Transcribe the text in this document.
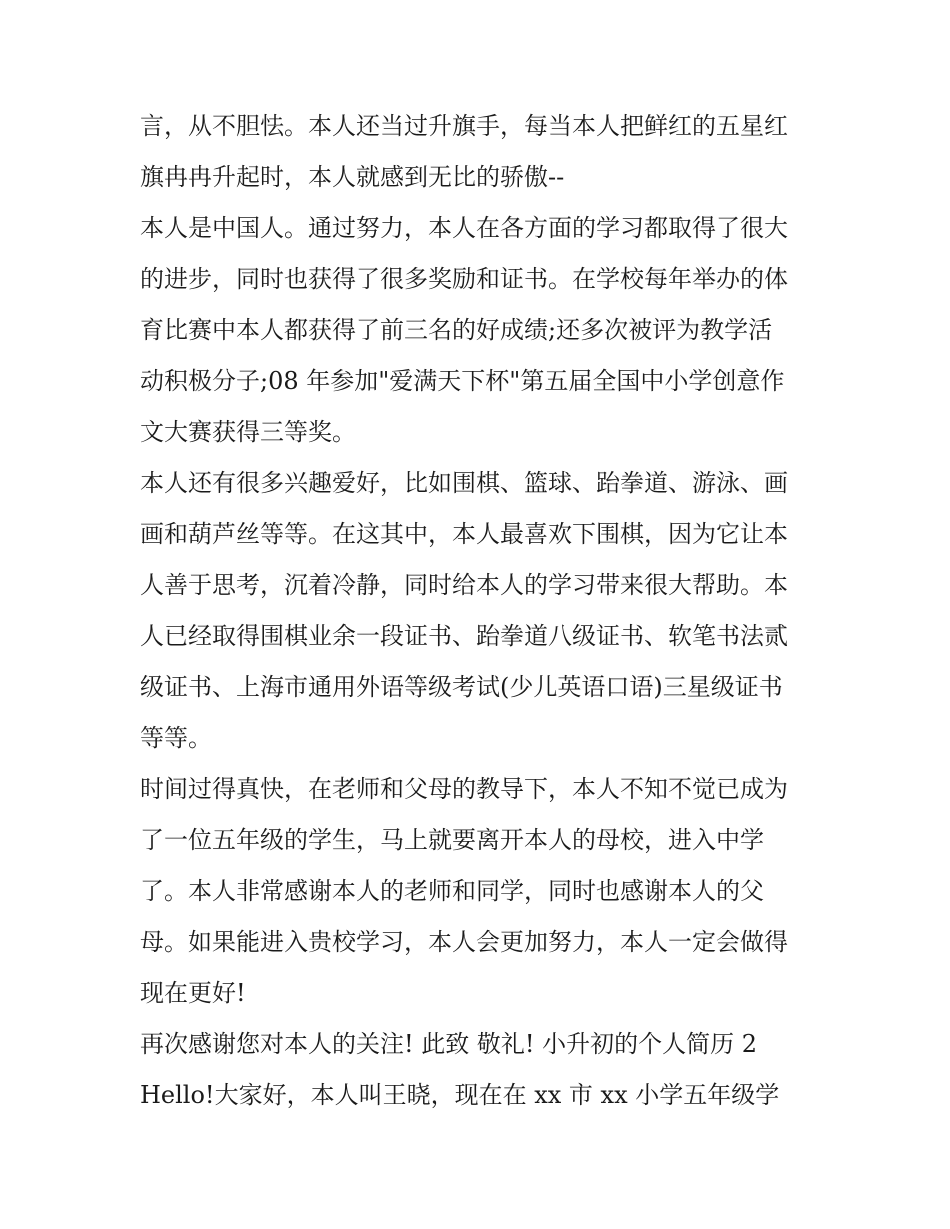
言，从不胆怯。本人还当过升旗手，每当本人把鲜红的五星红
旗冉冉升起时，本人就感到无比的骄傲--
本人是中国人。通过努力，本人在各方面的学习都取得了很大
的进步，同时也获得了很多奖励和证书。在学校每年举办的体
育比赛中本人都获得了前三名的好成绩;还多次被评为教学活
动积极分子;08 年参加"爱满天下杯"第五届全国中小学创意作
文大赛获得三等奖。
本人还有很多兴趣爱好，比如围棋、篮球、跆拳道、游泳、画
画和葫芦丝等等。在这其中，本人最喜欢下围棋，因为它让本
人善于思考，沉着冷静，同时给本人的学习带来很大帮助。本
人已经取得围棋业余一段证书、跆拳道八级证书、软笔书法贰
级证书、上海市通用外语等级考试(少儿英语口语)三星级证书
等等。
时间过得真快，在老师和父母的教导下，本人不知不觉已成为
了一位五年级的学生，马上就要离开本人的母校，进入中学
了。本人非常感谢本人的老师和同学，同时也感谢本人的父
母。如果能进入贵校学习，本人会更加努力，本人一定会做得
现在更好!
再次感谢您对本人的关注! 此致 敬礼! 小升初的个人简历 2
Hello!大家好，本人叫王晓，现在在 xx 市 xx 小学五年级学
